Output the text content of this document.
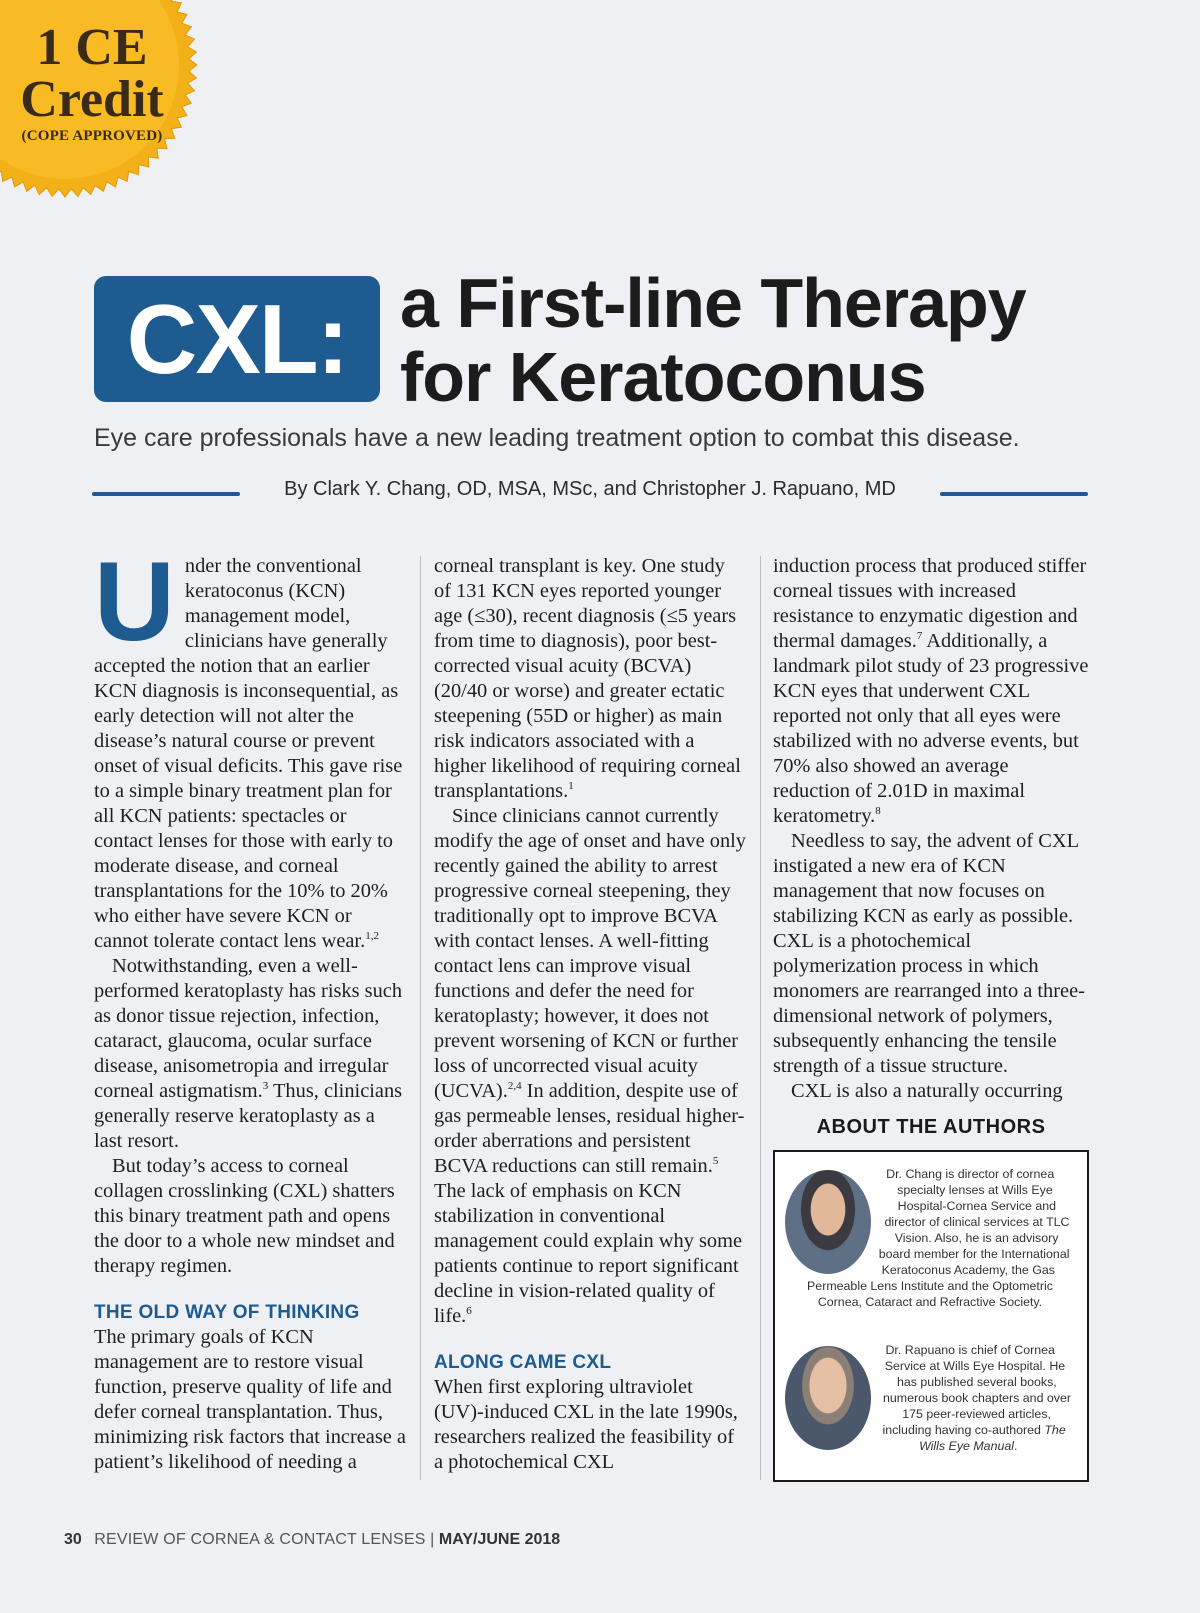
1 CE
Credit
(COPE APPROVED)
CXL: a First-line Therapy
for Keratoconus
Eye care professionals have a new leading treatment option to combat this disease.
By Clark Y. Chang, OD, MSA, MSc, and Christopher J. Rapuano, MD

Under the conventional keratoconus (KCN) management model, clinicians have generally accepted the notion that an earlier KCN diagnosis is inconsequential, as early detection will not alter the disease’s natural course or prevent onset of visual deficits. This gave rise to a simple binary treatment plan for all KCN patients: spectacles or contact lenses for those with early to moderate disease, and corneal transplantations for the 10% to 20% who either have severe KCN or cannot tolerate contact lens wear.$^{1,2}$

Notwithstanding, even a well-performed keratoplasty has risks such as donor tissue rejection, infection, cataract, glaucoma, ocular surface disease, anisometropia and irregular corneal astigmatism.$^3$ Thus, clinicians generally reserve keratoplasty as a last resort.

But today’s access to corneal collagen crosslinking (CXL) shatters this binary treatment path and opens the door to a whole new mindset and therapy regimen.

THE OLD WAY OF THINKING

The primary goals of KCN management are to restore visual function, preserve quality of life and defer corneal transplantation. Thus, minimizing risk factors that increase a patient’s likelihood of needing a

corneal transplant is key. One study of 131 KCN eyes reported younger age (≤30), recent diagnosis (≤5 years from time to diagnosis), poor best-corrected visual acuity (BCVA) (20/40 or worse) and greater ectatic steepening (55D or higher) as main risk indicators associated with a higher likelihood of requiring corneal transplantations.$^1$

Since clinicians cannot currently modify the age of onset and have only recently gained the ability to arrest progressive corneal steepening, they traditionally opt to improve BCVA with contact lenses. A well-fitting contact lens can improve visual functions and defer the need for keratoplasty; however, it does not prevent worsening of KCN or further loss of uncorrected visual acuity (UCVA).$^{2,4}$ In addition, despite use of gas permeable lenses, residual higher-order aberrations and persistent BCVA reductions can still remain.$^5$ The lack of emphasis on KCN stabilization in conventional management could explain why some patients continue to report significant decline in vision-related quality of life.$^6$

ALONG CAME CXL

When first exploring ultraviolet (UV)-induced CXL in the late 1990s, researchers realized the feasibility of a photochemical CXL

induction process that produced stiffer corneal tissues with increased resistance to enzymatic digestion and thermal damages.$^7$ Additionally, a landmark pilot study of 23 progressive KCN eyes that underwent CXL reported not only that all eyes were stabilized with no adverse events, but 70% also showed an average reduction of 2.01D in maximal keratometry.$^8$

Needless to say, the advent of CXL instigated a new era of KCN management that now focuses on stabilizing KCN as early as possible. CXL is a photochemical polymerization process in which monomers are rearranged into a three-dimensional network of polymers, subsequently enhancing the tensile strength of a tissue structure.

CXL is also a naturally occurring

ABOUT THE AUTHORS
Dr. Chang is director of cornea specialty lenses at Wills Eye Hospital-Cornea Service and director of clinical services at TLC Vision. Also, he is an advisory board member for the International Keratoconus Academy, the Gas Permeable Lens Institute and the Optometric Cornea, Cataract and Refractive Society.
Dr. Rapuano is chief of Cornea Service at Wills Eye Hospital. He has published several books, numerous book chapters and over 175 peer-reviewed articles, including having co-authored The Wills Eye Manual.
30 REVIEW OF CORNEA & CONTACT LENSES | MAY/JUNE 2018
